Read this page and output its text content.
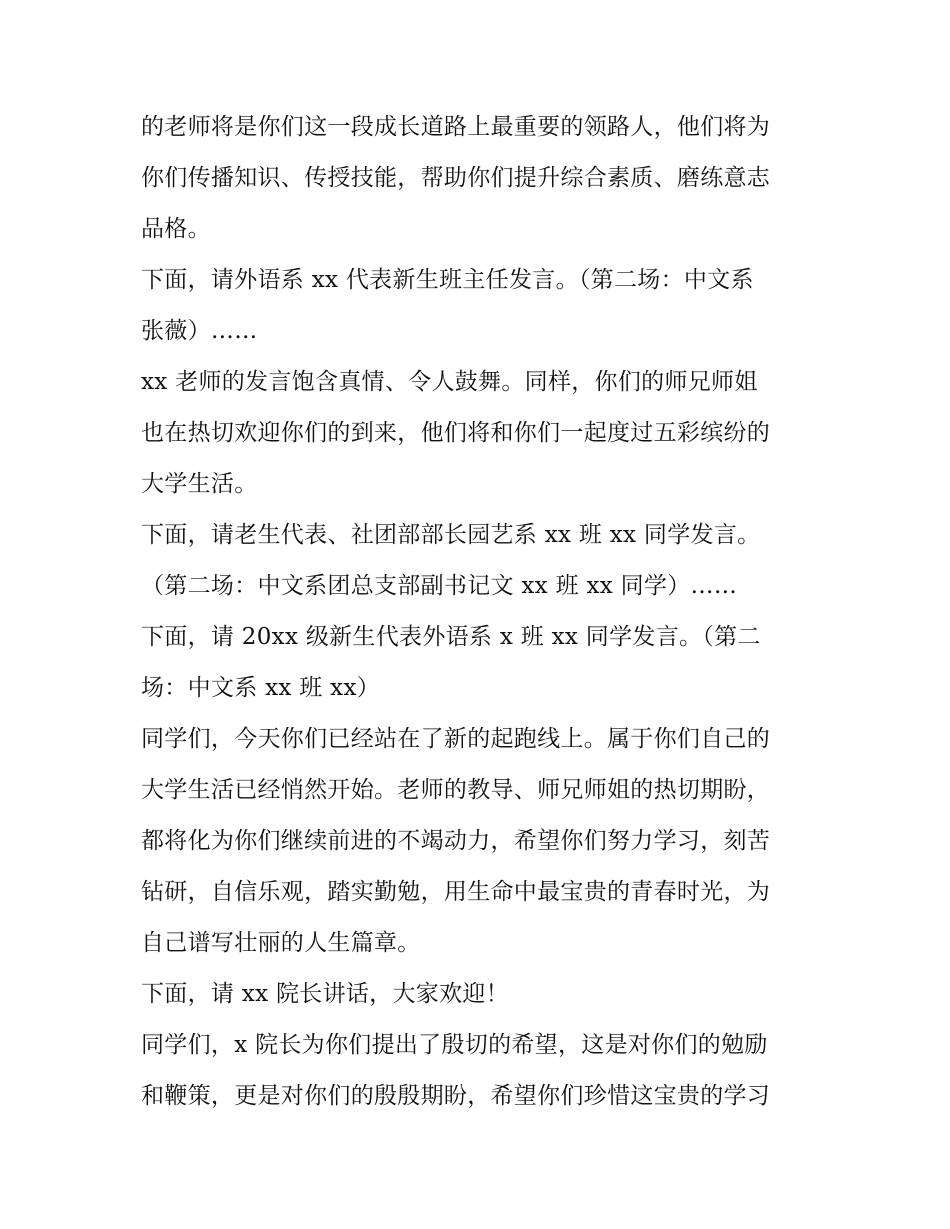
的老师将是你们这一段成长道路上最重要的领路人，他们将为
你们传播知识、传授技能，帮助你们提升综合素质、磨练意志
品格。
下面，请外语系 xx 代表新生班主任发言。（第二场：中文系
张薇）……
xx 老师的发言饱含真情、令人鼓舞。同样，你们的师兄师姐
也在热切欢迎你们的到来，他们将和你们一起度过五彩缤纷的
大学生活。
下面，请老生代表、社团部部长园艺系 xx 班 xx 同学发言。
（第二场：中文系团总支部副书记文 xx 班 xx 同学）……
下面，请 20xx 级新生代表外语系 x 班 xx 同学发言。（第二
场：中文系 xx 班 xx）
同学们，今天你们已经站在了新的起跑线上。属于你们自己的
大学生活已经悄然开始。老师的教导、师兄师姐的热切期盼，
都将化为你们继续前进的不竭动力，希望你们努力学习，刻苦
钻研，自信乐观，踏实勤勉，用生命中最宝贵的青春时光，为
自己谱写壮丽的人生篇章。
下面，请 xx 院长讲话，大家欢迎！
同学们，x 院长为你们提出了殷切的希望，这是对你们的勉励
和鞭策，更是对你们的殷殷期盼，希望你们珍惜这宝贵的学习
